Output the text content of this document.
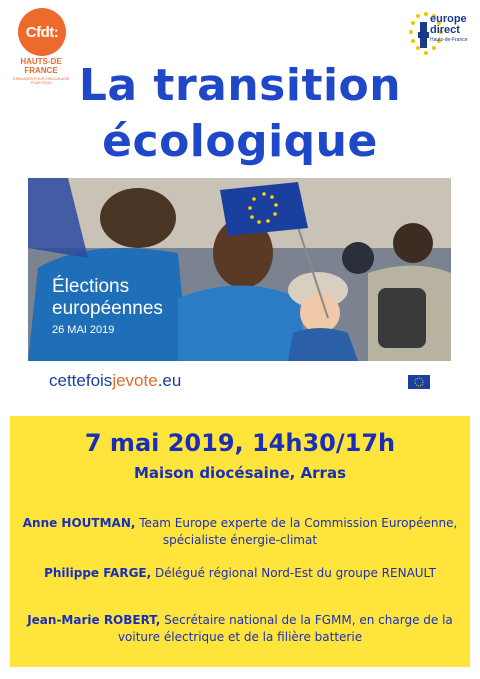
Cfdt:
HAUTS-DE
FRANCE
S'ENGAGER POUR CHACUN AGIR POUR TOUS
europe
direct
Hauts-de-France
La transition
écologique
Élections
européennes
26 MAI 2019
cettefoisjevote.eu
7 mai 2019, 14h30/17h
Maison diocésaine, Arras
Anne HOUTMAN, Team Europe experte de la Commission Européenne, spécialiste énergie-climat
Philippe FARGE, Délégué régional Nord-Est du groupe RENAULT
Jean-Marie ROBERT, Secrétaire national de la FGMM, en charge de la voiture électrique et de la filière batterie
